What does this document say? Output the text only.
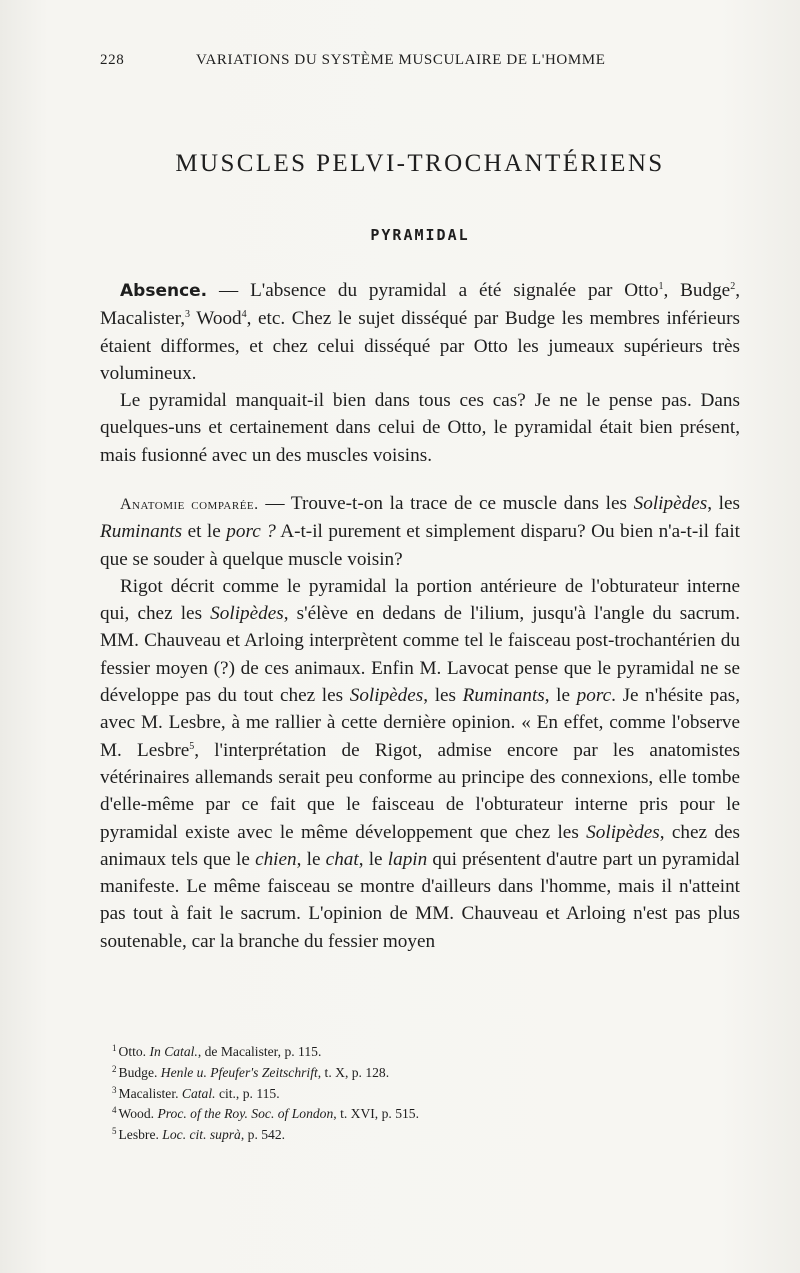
228	VARIATIONS DU SYSTÈME MUSCULAIRE DE L'HOMME
MUSCLES PELVI-TROCHANTÉRIENS
PYRAMIDAL

Absence. — L'absence du pyramidal a été signalée par Otto$^1$, Budge$^2$, Macalister,$^3$ Wood$^4$, etc. Chez le sujet disséqué par Budge les membres inférieurs étaient difformes, et chez celui disséqué par Otto les jumeaux supérieurs très volumineux.

Le pyramidal manquait-il bien dans tous ces cas? Je ne le pense pas. Dans quelques-uns et certainement dans celui de Otto, le pyramidal était bien présent, mais fusionné avec un des muscles voisins.

Anatomie comparée. — Trouve-t-on la trace de ce muscle dans les Solipèdes, les Ruminants et le porc ? A-t-il purement et simplement disparu? Ou bien n'a-t-il fait que se souder à quelque muscle voisin?

Rigot décrit comme le pyramidal la portion antérieure de l'obturateur interne qui, chez les Solipèdes, s'élève en dedans de l'ilium, jusqu'à l'angle du sacrum. MM. Chauveau et Arloing interprètent comme tel le faisceau post-trochantérien du fessier moyen (?) de ces animaux. Enfin M. Lavocat pense que le pyramidal ne se développe pas du tout chez les Solipèdes, les Ruminants, le porc. Je n'hésite pas, avec M. Lesbre, à me rallier à cette dernière opinion. « En effet, comme l'observe M. Lesbre$^5$, l'interprétation de Rigot, admise encore par les anatomistes vétérinaires allemands serait peu conforme au principe des connexions, elle tombe d'elle-même par ce fait que le faisceau de l'obturateur interne pris pour le pyramidal existe avec le même développement que chez les Solipèdes, chez des animaux tels que le chien, le chat, le lapin qui présentent d'autre part un pyramidal manifeste. Le même faisceau se montre d'ailleurs dans l'homme, mais il n'atteint pas tout à fait le sacrum. L'opinion de MM. Chauveau et Arloing n'est pas plus soutenable, car la branche du fessier moyen

$^1$ Otto. In Catal., de Macalister, p. 115.
$^2$ Budge. Henle u. Pfeufer's Zeitschrift, t. X, p. 128.
$^3$ Macalister. Catal. cit., p. 115.
$^4$ Wood. Proc. of the Roy. Soc. of London, t. XVI, p. 515.
$^5$ Lesbre. Loc. cit. suprà, p. 542.
